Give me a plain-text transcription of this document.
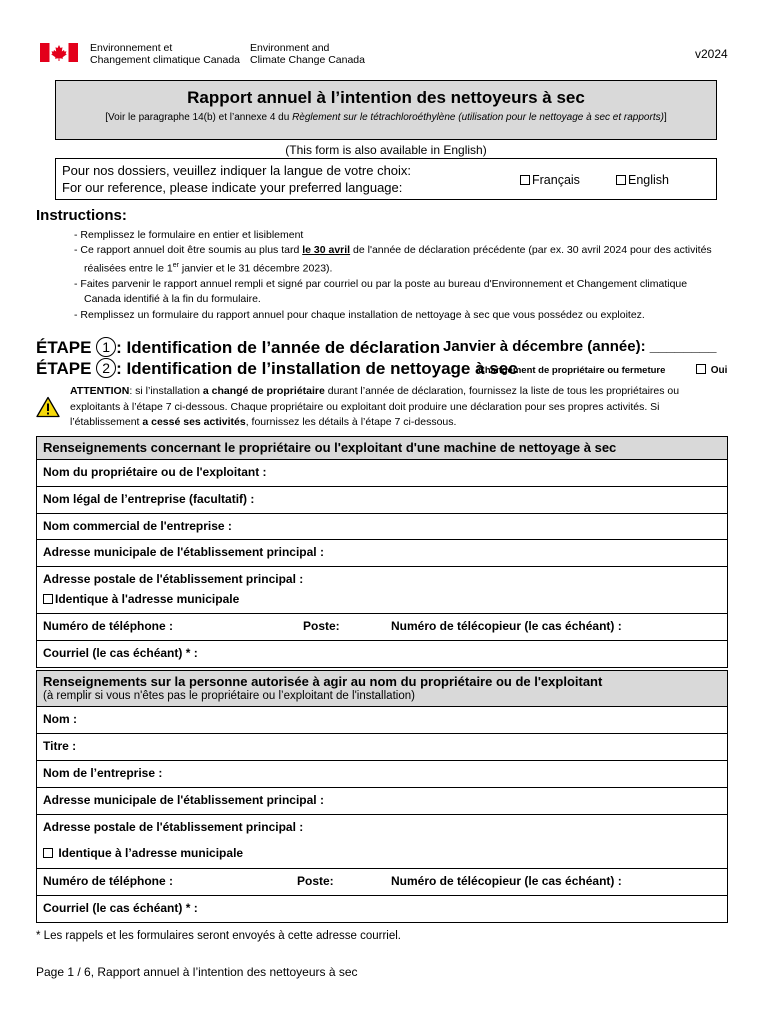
Environnement et
Changement climatique Canada
Environment and
Climate Change Canada	v2024
Rapport annuel à l’intention des nettoyeurs à sec
[Voir le paragraphe 14(b) et l’annexe 4 du Règlement sur le tétrachloroéthylène (utilisation pour le nettoyage à sec et rapports)]
(This form is also available in English)
Pour nos dossiers, veuillez indiquer la langue de votre choix:
For our reference, please indicate your preferred language:	Français	English
Instructions:
- Remplissez le formulaire en entier et lisiblement
- Ce rapport annuel doit être soumis au plus tard le 30 avril de l'année de déclaration précédente (par ex. 30 avril 2024 pour des activités réalisées entre le 1er janvier et le 31 décembre 2023).
- Faites parvenir le rapport annuel rempli et signé par courriel ou par la poste au bureau d'Environnement et Changement climatique Canada identifié à la fin du formulaire.
- Remplissez un formulaire du rapport annuel pour chaque installation de nettoyage à sec que vous possédez ou exploitez.
ÉTAPE 1 : Identification de l’année de déclaration Janvier à décembre (année): ________
ÉTAPE 2 : Identification de l’installation de nettoyage à sec
Changement de propriétaire ou fermeture	Oui
ATTENTION: si l’installation a changé de propriétaire durant l’année de déclaration, fournissez la liste de tous les propriétaires ou exploitants à l’étape 7 ci-dessous. Chaque propriétaire ou exploitant doit produire une déclaration pour ses propres activités. Si l’établissement a cessé ses activités, fournissez les détails à l’étape 7 ci-dessous.
Renseignements concernant le propriétaire ou l'exploitant d'une machine de nettoyage à sec
Nom du propriétaire ou de l'exploitant :
Nom légal de l’entreprise (facultatif) :
Nom commercial de l'entreprise :
Adresse municipale de l'établissement principal :
Adresse postale de l'établissement principal :
Identique à l'adresse municipale
Numéro de téléphone :	Poste:	Numéro de télécopieur (le cas échéant) :
Courriel (le cas échéant) * :
Renseignements sur la personne autorisée à agir au nom du propriétaire ou de l'exploitant
(à remplir si vous n'êtes pas le propriétaire ou l’exploitant de l'installation)
Nom :
Titre :
Nom de l’entreprise :
Adresse municipale de l'établissement principal :
Adresse postale de l'établissement principal :
Identique à l’adresse municipale
Numéro de téléphone :	Poste:	Numéro de télécopieur (le cas échéant) :
Courriel (le cas échéant) * :
* Les rappels et les formulaires seront envoyés à cette adresse courriel.
Page 1 / 6, Rapport annuel à l’intention des nettoyeurs à sec
